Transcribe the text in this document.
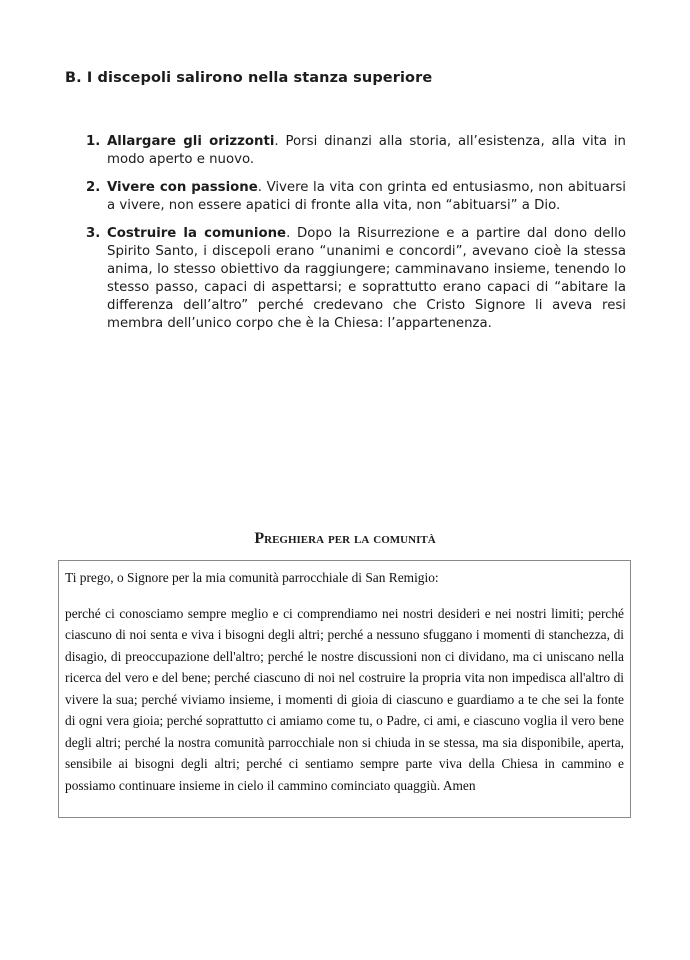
B. I discepoli salirono nella stanza superiore
1. Allargare gli orizzonti. Porsi dinanzi alla storia, all’esistenza, alla vita in modo aperto e nuovo.
2. Vivere con passione. Vivere la vita con grinta ed entusiasmo, non abituarsi a vivere, non essere apatici di fronte alla vita, non “abituarsi” a Dio.
3. Costruire la comunione. Dopo la Risurrezione e a partire dal dono dello Spirito Santo, i discepoli erano “unanimi e concordi”, avevano cioè la stessa anima, lo stesso obiettivo da raggiungere; camminavano insieme, tenendo lo stesso passo, capaci di aspettarsi; e soprattutto erano capaci di “abitare la differenza dell’altro” perché credevano che Cristo Signore li aveva resi membra dell’unico corpo che è la Chiesa: l’appartenenza.
Preghiera per la comunità

Ti prego, o Signore per la mia comunità parrocchiale di San Remigio:

perché ci conosciamo sempre meglio e ci comprendiamo nei nostri desideri e nei nostri limiti; perché ciascuno di noi senta e viva i bisogni degli altri; perché a nessuno sfuggano i momenti di stanchezza, di disagio, di preoccupazione dell'altro; perché le nostre discussioni non ci dividano, ma ci uniscano nella ricerca del vero e del bene; perché ciascuno di noi nel costruire la propria vita non impedisca all'altro di vivere la sua; perché viviamo insieme, i momenti di gioia di ciascuno e guardiamo a te che sei la fonte di ogni vera gioia; perché soprattutto ci amiamo come tu, o Padre, ci ami, e ciascuno voglia il vero bene degli altri; perché la nostra comunità parrocchiale non si chiuda in se stessa, ma sia disponibile, aperta, sensibile ai bisogni degli altri; perché ci sentiamo sempre parte viva della Chiesa in cammino e possiamo continuare insieme in cielo il cammino cominciato quaggiù. Amen
